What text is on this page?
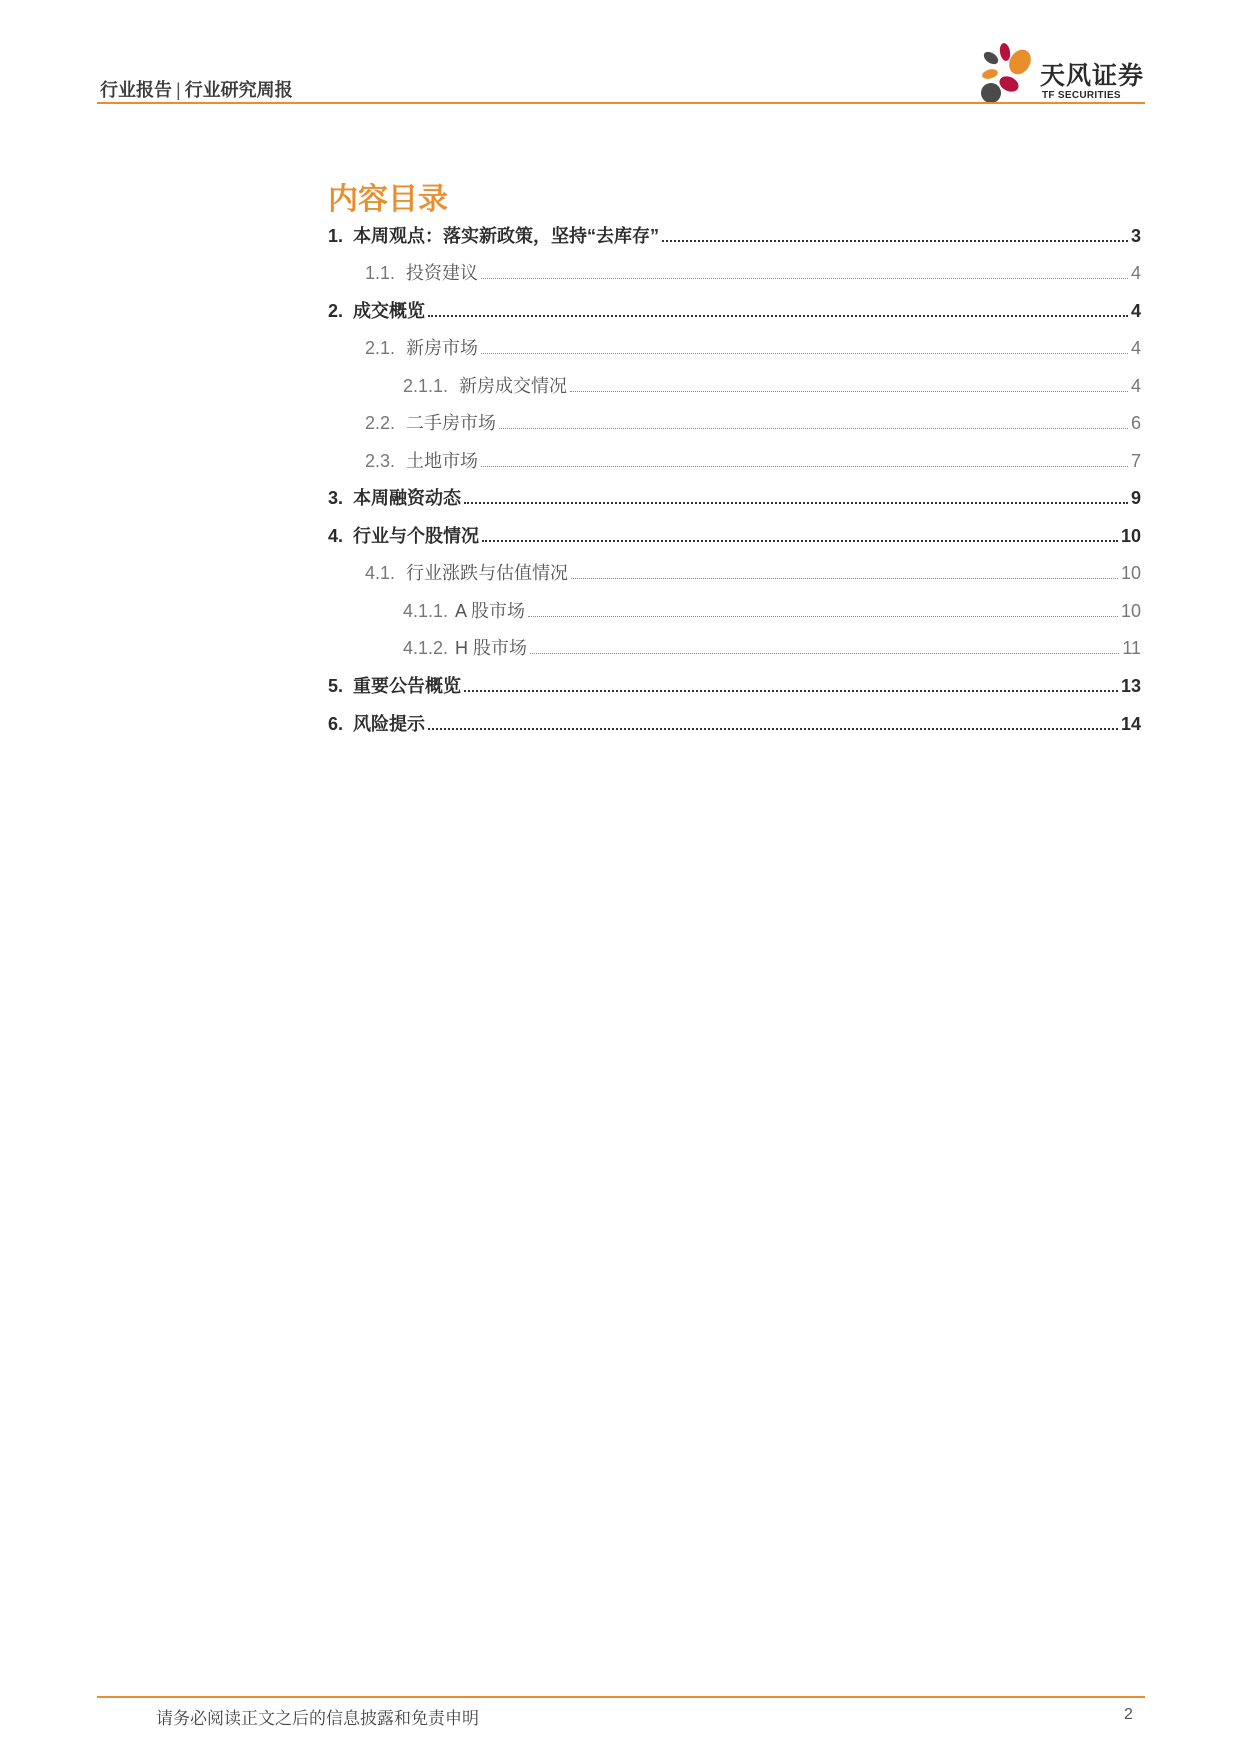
行业报告 | 行业研究周报	天风证券
TF SECURITIES
内容目录
1. 本周观点：落实新政策，坚持“去库存”	3
1.1. 投资建议	4
2. 成交概览	4
2.1. 新房市场	4
2.1.1. 新房成交情况	4
2.2. 二手房市场	6
2.3. 土地市场	7
3. 本周融资动态	9
4. 行业与个股情况	10
4.1. 行业涨跌与估值情况	10
4.1.1. A 股市场	10
4.1.2. H 股市场	11
5. 重要公告概览	13
6. 风险提示	14
请务必阅读正文之后的信息披露和免责申明	2
